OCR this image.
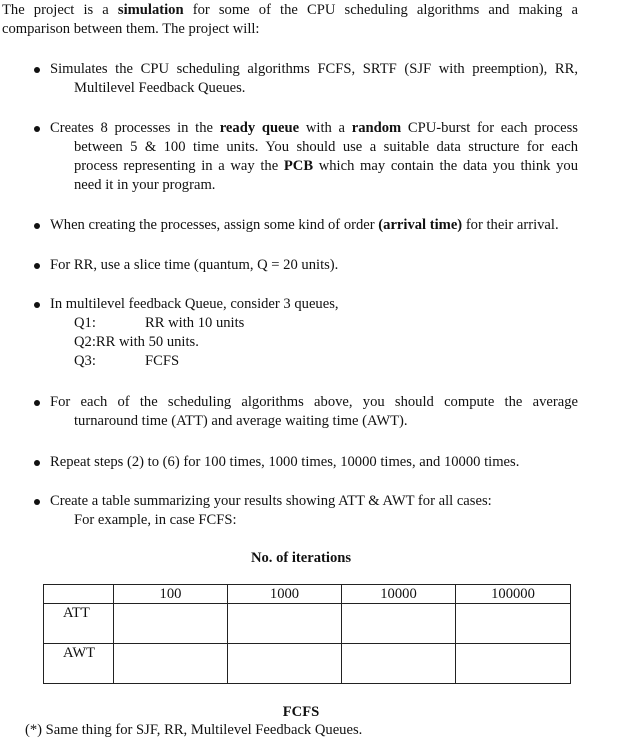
The project is a simulation for some of the CPU scheduling algorithms and making a
comparison between them. The project will:
Simulates the CPU scheduling algorithms FCFS, SRTF (SJF with preemption), RR,
Multilevel Feedback Queues.
Creates 8 processes in the ready queue with a random CPU-burst for each process
between 5 & 100 time units. You should use a suitable data structure for each
process representing in a way the PCB which may contain the data you think you
need it in your program.
When creating the processes, assign some kind of order (arrival time) for their arrival.
For RR, use a slice time (quantum, Q = 20 units).
In multilevel feedback Queue, consider 3 queues,
Q1:	RR with 10 units
Q2:RR with 50 units.
Q3:	FCFS
For each of the scheduling algorithms above, you should compute the average
turnaround time (ATT) and average waiting time (AWT).
Repeat steps (2) to (6) for 100 times, 1000 times, 10000 times, and 10000 times.
Create a table summarizing your results showing ATT & AWT for all cases:
For example, in case FCFS:
No. of iterations
	100	1000	10000	100000
ATT				
AWT				
FCFS
(*) Same thing for SJF, RR, Multilevel Feedback Queues.
